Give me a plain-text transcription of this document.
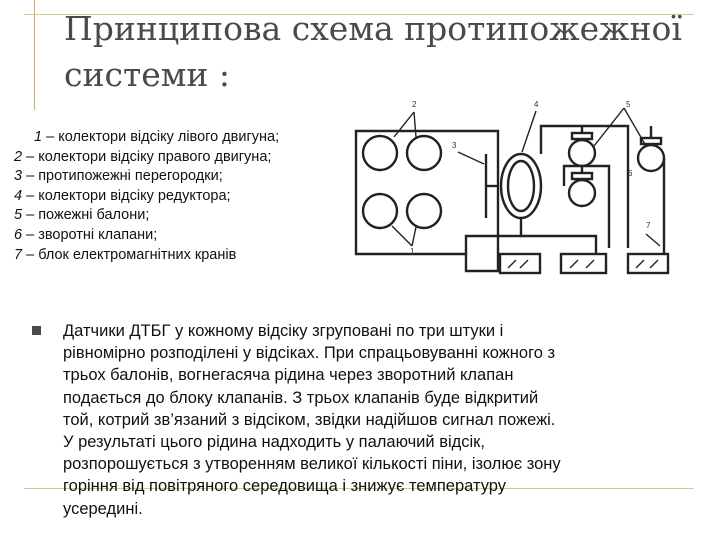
Принципова схема протипожежної
системи :
1 – колектори відсіку лівого двигуна;
2 – колектори відсіку правого двигуна;
3 – протипожежні перегородки;
4 – колектори відсіку редуктора;
5 – пожежні балони;
6 – зворотні клапани;
7 – блок електромагнітних кранів
2
3
4	5
6
1
7

Датчики ДТБГ у кожному відсіку згруповані по три штуки і
рівномірно розподілені у відсіках. При спрацьовуванні кожного з
трьох балонів, вогнегасяча рідина через зворотний клапан
подається до блоку клапанів. З трьох клапанів буде відкритий
той, котрий зв’язаний з відсіком, звідки надійшов сигнал пожежі.
У результаті цього рідина надходить у палаючий відсік,
розпорошується з утворенням великої кількості піни, ізолює зону
горіння від повітряного середовища і знижує температуру
усередині.
